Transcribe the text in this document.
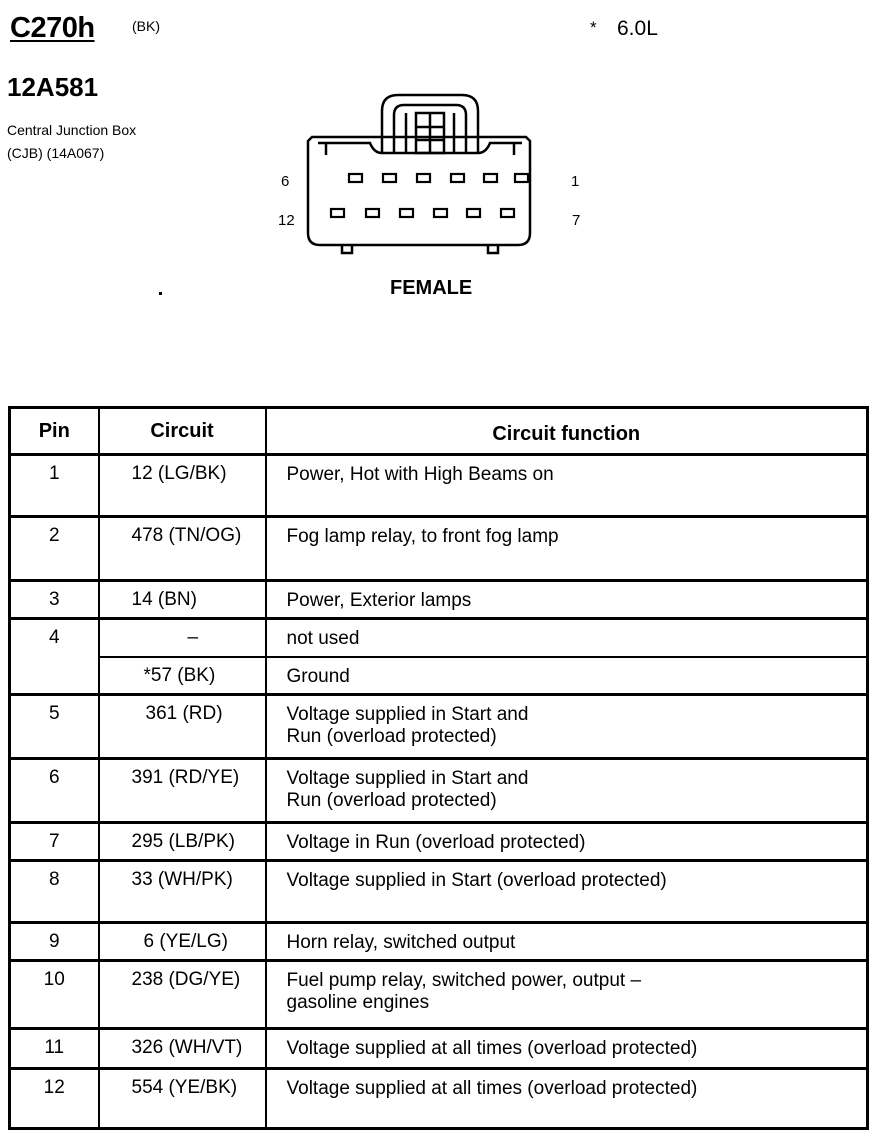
C270h	(BK)	* 6.0L
12A581
Central Junction Box
(CJB) (14A067)
6
12
1
7
FEMALE
Pin	Circuit	Circuit function
1	12 (LG/BK)	Power, Hot with High Beams on
2	478 (TN/OG)	Fog lamp relay, to front fog lamp
3	14 (BN)	Power, Exterior lamps
4	–	not used
	*57 (BK)	Ground
5	361 (RD)	Voltage supplied in Start and
Run (overload protected)

6	391 (RD/YE)	Voltage supplied in Start and
Run (overload protected)

7	295 (LB/PK)	Voltage in Run (overload protected)
8	33 (WH/PK)	Voltage supplied in Start (overload protected)
9	6 (YE/LG)	Horn relay, switched output
10	238 (DG/YE)	Fuel pump relay, switched power, output –
gasoline engines

11	326 (WH/VT)	Voltage supplied at all times (overload protected)
12	554 (YE/BK)	Voltage supplied at all times (overload protected)
